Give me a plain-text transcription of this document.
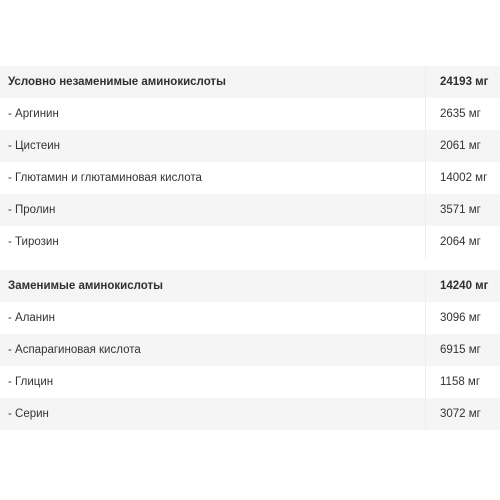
Условно незаменимые аминокислоты	24193 мг
- Аргинин	2635 мг
- Цистеин	2061 мг
- Глютамин и глютаминовая кислота	14002 мг
- Пролин	3571 мг
- Тирозин	2064 мг
Заменимые аминокислоты	14240 мг
- Аланин	3096 мг
- Аспарагиновая кислота	6915 мг
- Глицин	1158 мг
- Серин	3072 мг
